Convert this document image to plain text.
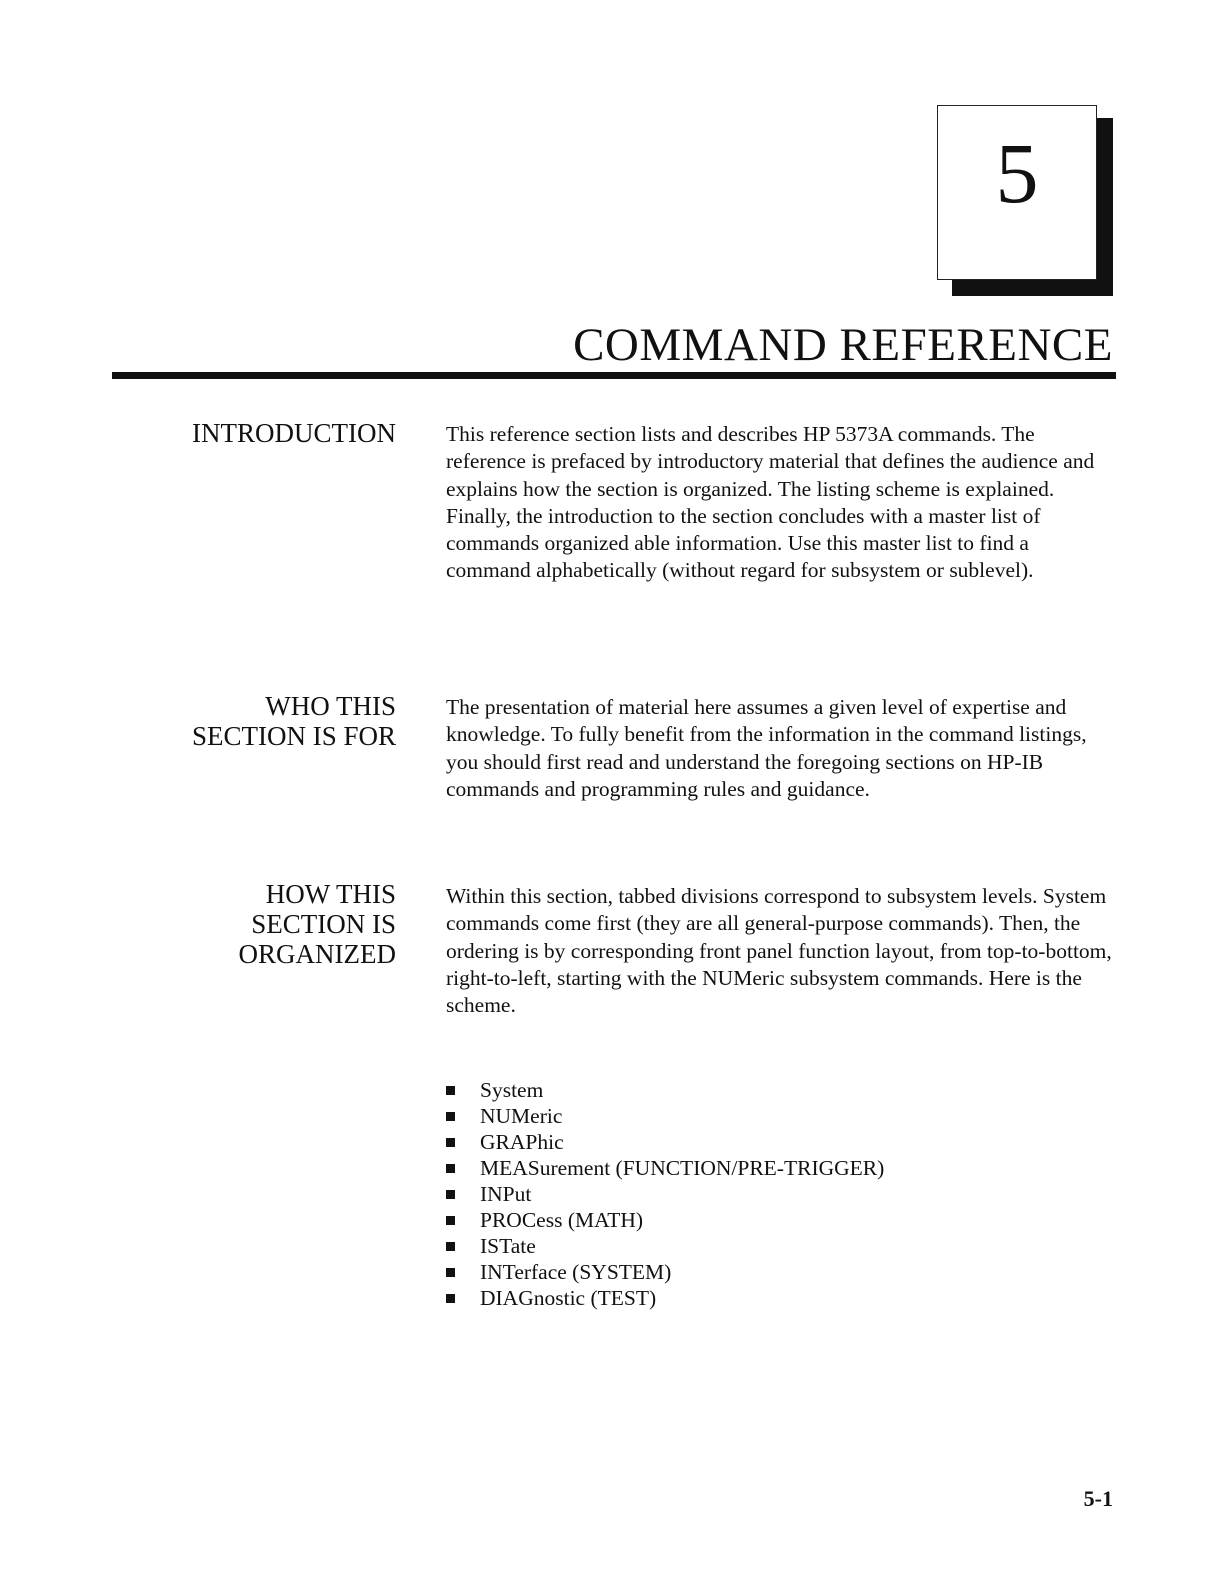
5
COMMAND REFERENCE
INTRODUCTION This reference section lists and describes HP 5373A commands. The reference is prefaced by introductory material that defines the audience and explains how the section is organized. The listing scheme is explained. Finally, the introduction to the section concludes with a master list of commands organized able information. Use this master list to find a command alphabetically (without regard for subsystem or sublevel).

WHO THIS
SECTION IS FOR

The presentation of material here assumes a given level of expertise and knowledge. To fully benefit from the information in the command listings, you should first read and understand the foregoing sections on HP-IB commands and programming rules and guidance.

HOW THIS
SECTION IS
ORGANIZED

Within this section, tabbed divisions correspond to subsystem levels. System commands come first (they are all general-purpose commands). Then, the ordering is by corresponding front panel function layout, from top-to-bottom, right-to-left, starting with the NUMeric subsystem commands. Here is the scheme.

System
NUMeric
GRAPhic
MEASurement (FUNCTION/PRE-TRIGGER)
INPut
PROCess (MATH)
ISTate
INTerface (SYSTEM)
DIAGnostic (TEST)
5-1
